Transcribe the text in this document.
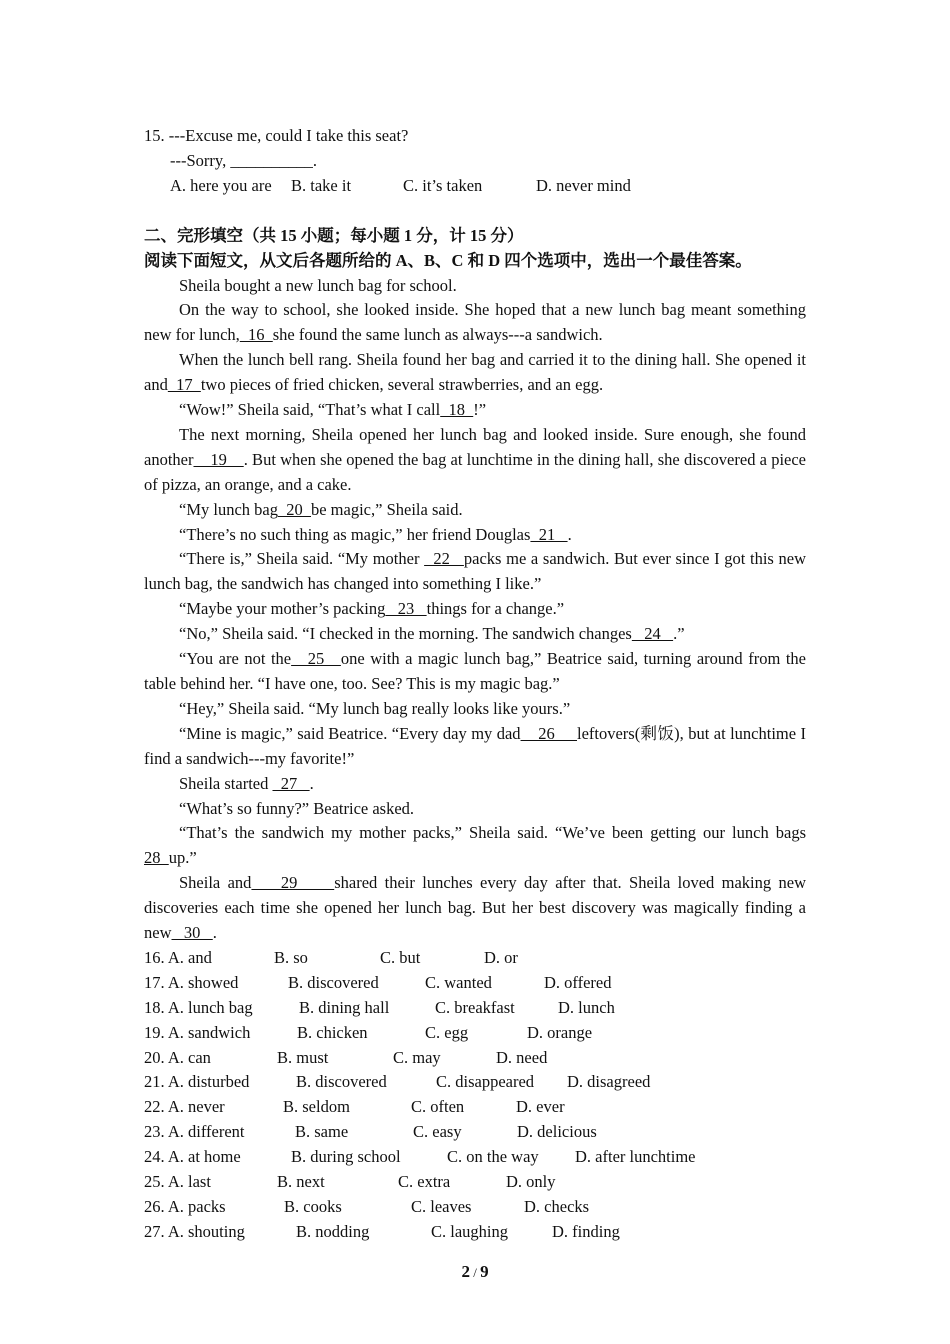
15. ---Excuse me, could I take this seat?
---Sorry, __________.
A. here you are B. take it	C. it’s taken	D. never mind
二、完形填空（共 15 小题；每小题 1 分，计 15 分）
阅读下面短文，从文后各题所给的 A、B、C 和 D 四个选项中，选出一个最佳答案。
Sheila bought a new lunch bag for school.
On the way to school, she looked inside. She hoped that a new lunch bag meant something new for lunch,  16  she found the same lunch as always---a sandwich.
When the lunch bell rang. Sheila found her bag and carried it to the dining hall. She opened it and  17  two pieces of fried chicken, several strawberries, and an egg.
“Wow!” Sheila said, “That’s what I call  18  !”
The next morning, Sheila opened her lunch bag and looked inside. Sure enough, she found another    19    . But when she opened the bag at lunchtime in the dining hall, she discovered a piece of pizza, an orange, and a cake.
“My lunch bag  20  be magic,” Sheila said.
“There’s no such thing as magic,” her friend Douglas  21   .
“There is,” Sheila said. “My mother   22   packs me a sandwich. But ever since I got this new lunch bag, the sandwich has changed into something I like.”
“Maybe your mother’s packing   23   things for a change.”
“No,” Sheila said. “I checked in the morning. The sandwich changes   24   .”
“You are not the   25   one with a magic lunch bag,” Beatrice said, turning around from the table behind her. “I have one, too. See? This is my magic bag.”
“Hey,” Sheila said. “My lunch bag really looks like yours.”
“Mine is magic,” said Beatrice. “Every day my dad    26     leftovers(剩饭), but at lunchtime I find a sandwich---my favorite!”
Sheila started   27   .
“What’s so funny?” Beatrice asked.
“That’s the sandwich my mother packs,” Sheila said. “We’ve been getting our lunch bags 28  up.”
Sheila and    29     shared their lunches every day after that. Sheila loved making new discoveries each time she opened her lunch bag. But her best discovery was magically finding a new   30   .
16. A. and	B. so	C. but	D. or
17. A. showed	B. discovered	C. wanted	D. offered
18. A. lunch bag	B. dining hall	C. breakfast	D. lunch
19. A. sandwich	B. chicken	C. egg	D. orange
20. A. can	B. must	C. may	D. need
21. A. disturbed	B. discovered	C. disappeared D. disagreed
22. A. never	B. seldom	C. often	D. ever
23. A. different	B. same	C. easy	D. delicious
24. A. at home	B. during school	C. on the way D. after lunchtime
25. A. last	B. next	C. extra	D. only
26. A. packs	B. cooks	C. leaves	D. checks
27. A. shouting	B. nodding	C. laughing	D. finding
2 / 9
